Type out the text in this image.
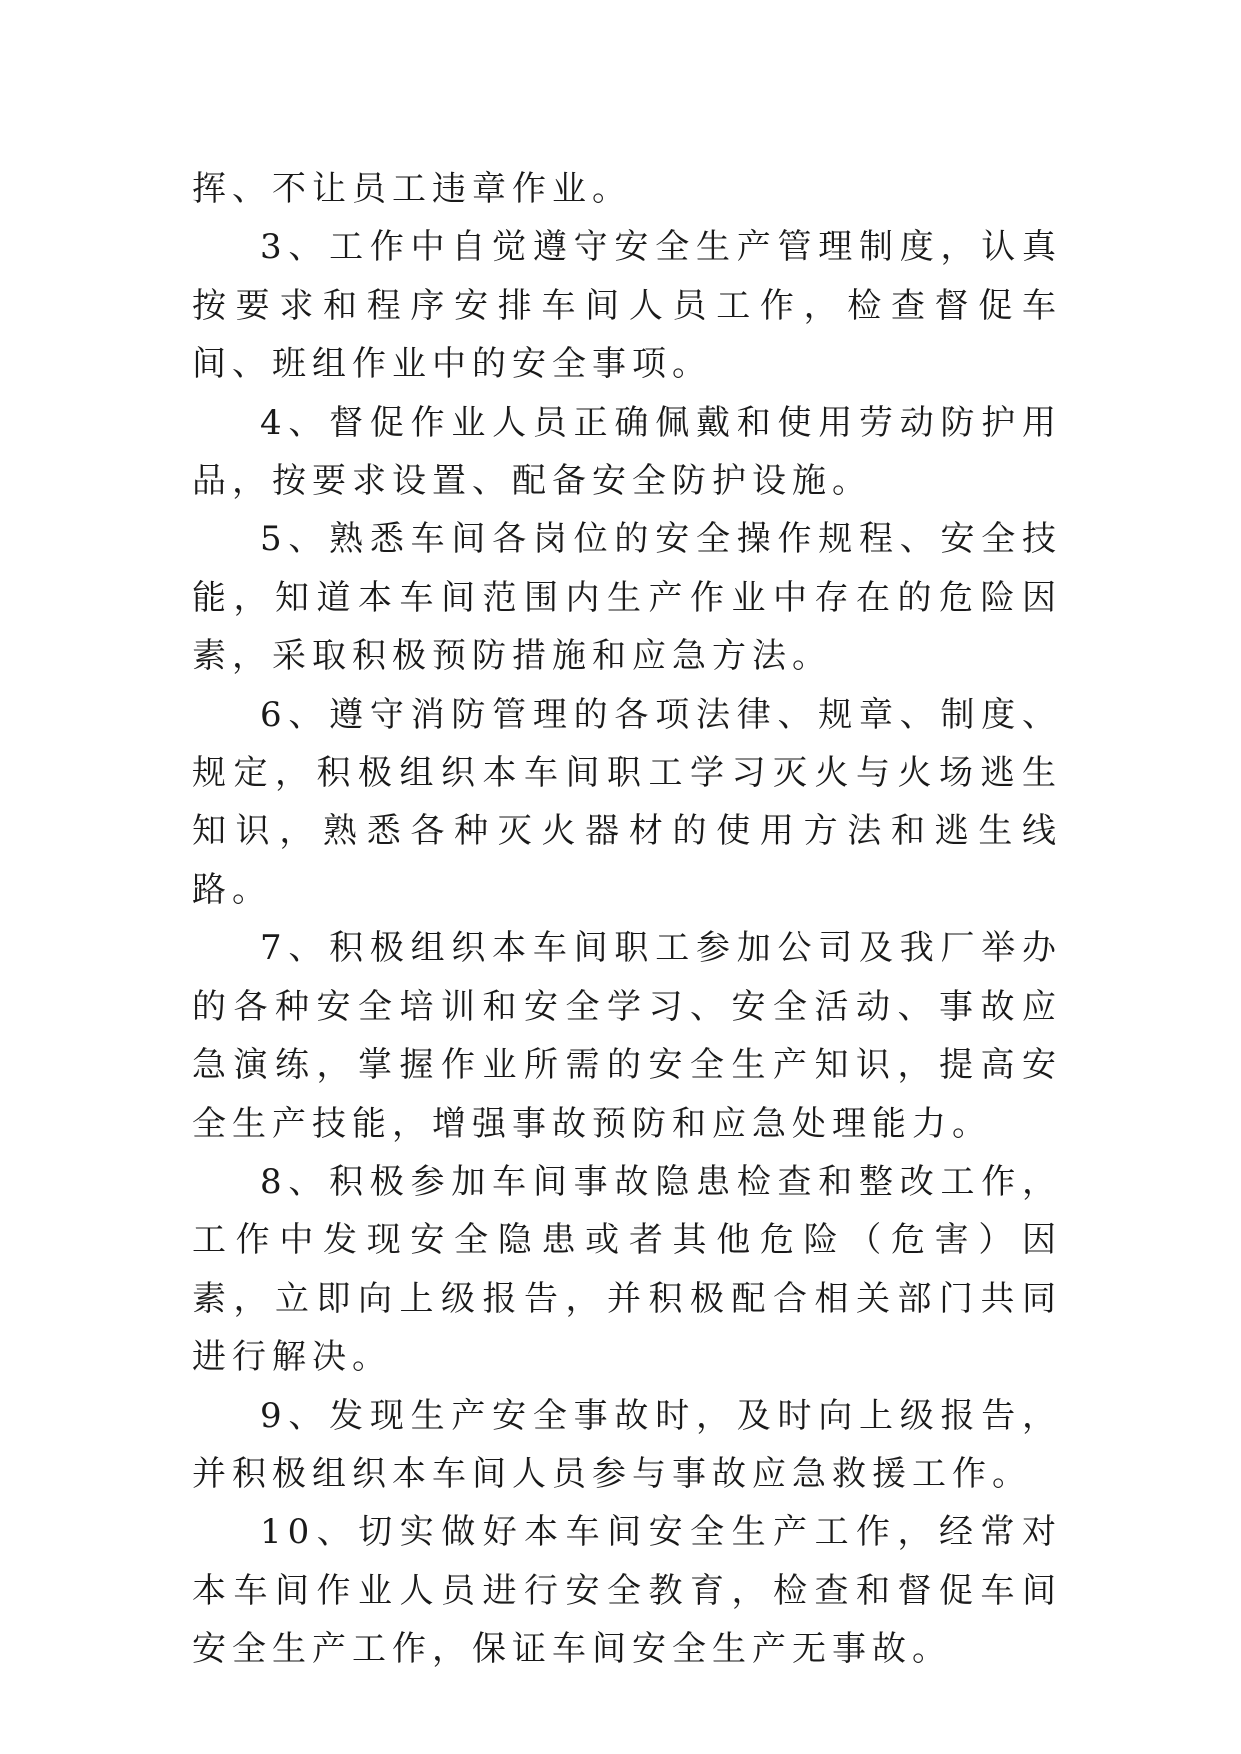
挥、不让员工违章作业。

3、工作中自觉遵守安全生产管理制度，认真按要求和程序安排车间人员工作，检查督促车间、班组作业中的安全事项。

4、督促作业人员正确佩戴和使用劳动防护用品，按要求设置、配备安全防护设施。

5、熟悉车间各岗位的安全操作规程、安全技能，知道本车间范围内生产作业中存在的危险因素，采取积极预防措施和应急方法。

6、遵守消防管理的各项法律、规章、制度、规定，积极组织本车间职工学习灭火与火场逃生知识，熟悉各种灭火器材的使用方法和逃生线路。

7、积极组织本车间职工参加公司及我厂举办的各种安全培训和安全学习、安全活动、事故应急演练，掌握作业所需的安全生产知识，提高安全生产技能，增强事故预防和应急处理能力。

8、积极参加车间事故隐患检查和整改工作，工作中发现安全隐患或者其他危险（危害）因素，立即向上级报告，并积极配合相关部门共同进行解决。

9、发现生产安全事故时，及时向上级报告，并积极组织本车间人员参与事故应急救援工作。

10、切实做好本车间安全生产工作，经常对本车间作业人员进行安全教育，检查和督促车间安全生产工作，保证车间安全生产无事故。
